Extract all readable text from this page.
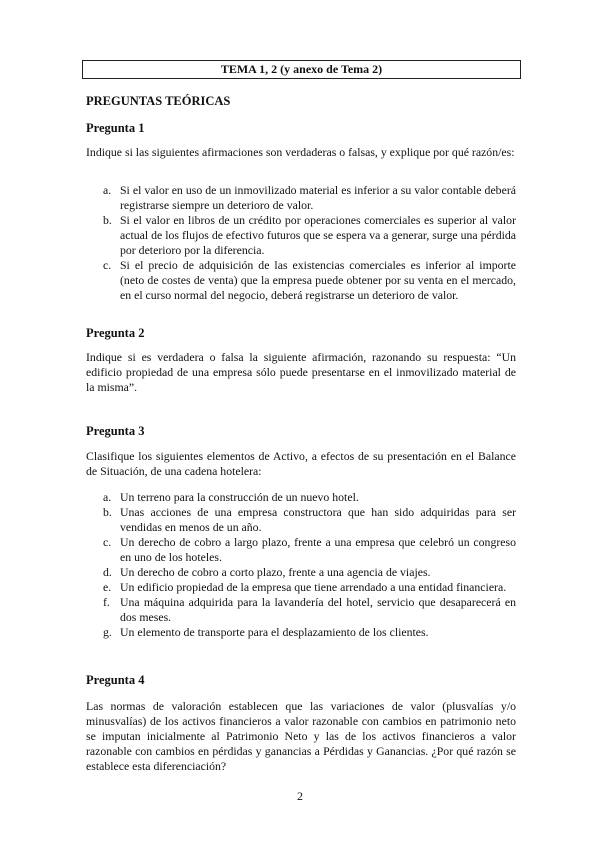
TEMA 1, 2 (y anexo de Tema 2)

PREGUNTAS TEÓRICAS

Pregunta 1

Indique si las siguientes afirmaciones son verdaderas o falsas, y explique por qué razón/es:

a. Si el valor en uso de un inmovilizado material es inferior a su valor contable deberá registrarse siempre un deterioro de valor.
b. Si el valor en libros de un crédito por operaciones comerciales es superior al valor actual de los flujos de efectivo futuros que se espera va a generar, surge una pérdida por deterioro por la diferencia.
c. Si el precio de adquisición de las existencias comerciales es inferior al importe (neto de costes de venta) que la empresa puede obtener por su venta en el mercado, en el curso normal del negocio, deberá registrarse un deterioro de valor.

Pregunta 2

Indique si es verdadera o falsa la siguiente afirmación, razonando su respuesta: “Un edificio propiedad de una empresa sólo puede presentarse en el inmovilizado material de la misma”.

Pregunta 3

Clasifique los siguientes elementos de Activo, a efectos de su presentación en el Balance de Situación, de una cadena hotelera:

a. Un terreno para la construcción de un nuevo hotel.
b. Unas acciones de una empresa constructora que han sido adquiridas para ser vendidas en menos de un año.
c. Un derecho de cobro a largo plazo, frente a una empresa que celebró un congreso en uno de los hoteles.
d. Un derecho de cobro a corto plazo, frente a una agencia de viajes.
e. Un edificio propiedad de la empresa que tiene arrendado a una entidad financiera.
f. Una máquina adquirida para la lavandería del hotel, servicio que desaparecerá en dos meses.
g. Un elemento de transporte para el desplazamiento de los clientes.

Pregunta 4

Las normas de valoración establecen que las variaciones de valor (plusvalías y/o minusvalías) de los activos financieros a valor razonable con cambios en patrimonio neto se imputan inicialmente al Patrimonio Neto y las de los activos financieros a valor razonable con cambios en pérdidas y ganancias a Pérdidas y Ganancias. ¿Por qué razón se establece esta diferenciación?

2
